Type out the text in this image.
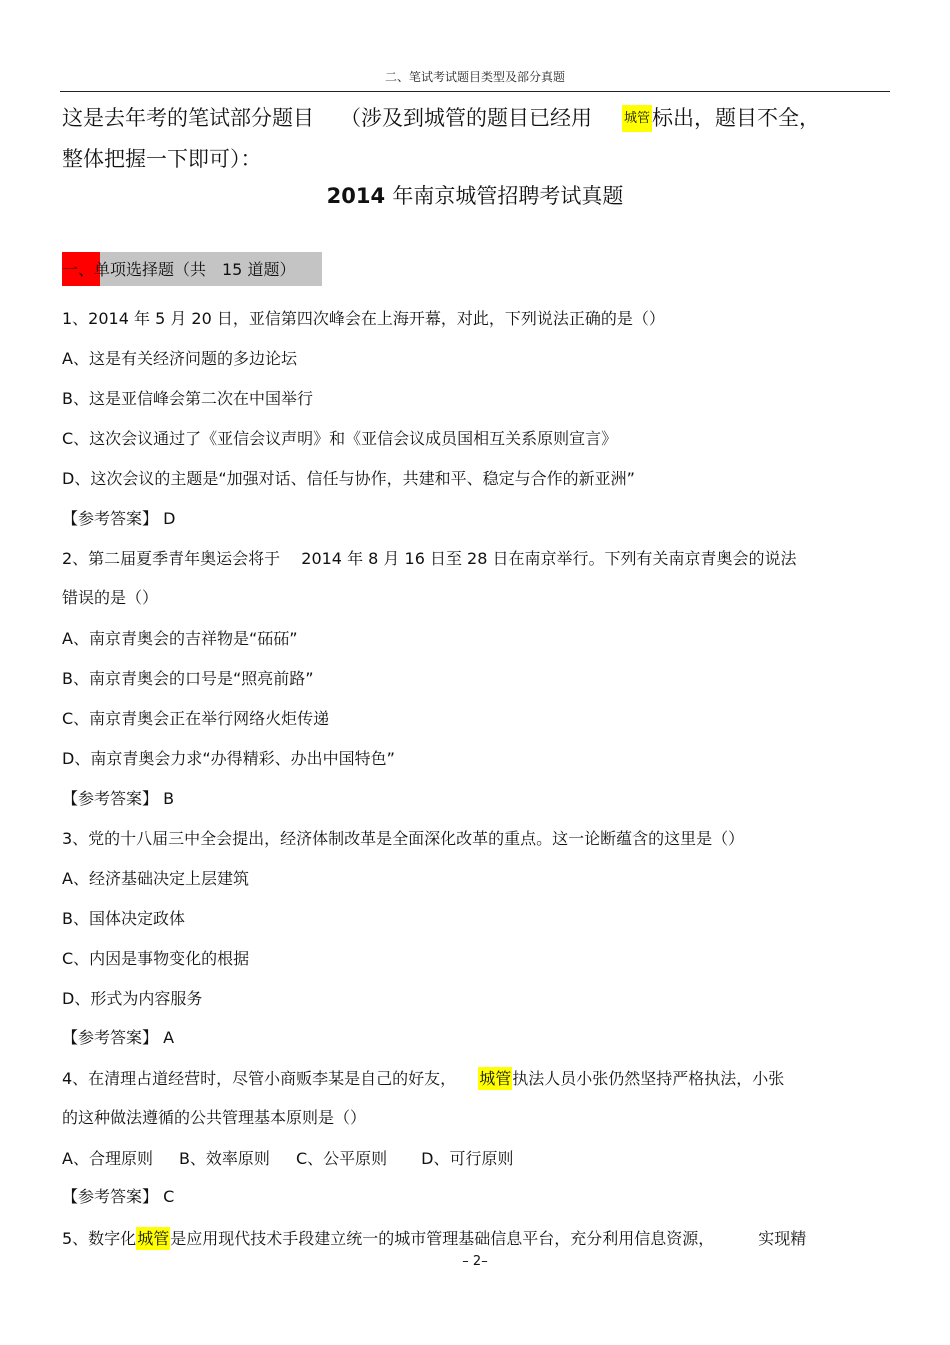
二、笔试考试题目类型及部分真题
这是去年考的笔试部分题目 （涉及到城管的题目已经用 城管标出，题目不全，
整体把握一下即可）：
2014 年南京城管招聘考试真题
一、单项选择题（共　15 道题）
1、2014 年 5 月 20 日，亚信第四次峰会在上海开幕，对此，下列说法正确的是（）
A、这是有关经济问题的多边论坛
B、这是亚信峰会第二次在中国举行
C、这次会议通过了《亚信会议声明》和《亚信会议成员国相互关系原则宣言》
D、这次会议的主题是“加强对话、信任与协作，共建和平、稳定与合作的新亚洲”
【参考答案】 D
2、第二届夏季青年奥运会将于　 2014 年 8 月 16 日至 28 日在南京举行。下列有关南京青奥会的说法
错误的是（）
A、南京青奥会的吉祥物是“砳砳”
B、南京青奥会的口号是“照亮前路”
C、南京青奥会正在举行网络火炬传递
D、南京青奥会力求“办得精彩、办出中国特色”
【参考答案】 B
3、党的十八届三中全会提出，经济体制改革是全面深化改革的重点。这一论断蕴含的这里是（）
A、经济基础决定上层建筑
B、国体决定政体
C、内因是事物变化的根据
D、形式为内容服务
【参考答案】 A
4、在清理占道经营时，尽管小商贩李某是自己的好友， 城管执法人员小张仍然坚持严格执法，小张
的这种做法遵循的公共管理基本原则是（）
A、合理原则 B、效率原则 C、公平原则 D、可行原则
【参考答案】 C
5、数字化城管是应用现代技术手段建立统一的城市管理基础信息平台，充分利用信息资源，	实现精
– 2–
